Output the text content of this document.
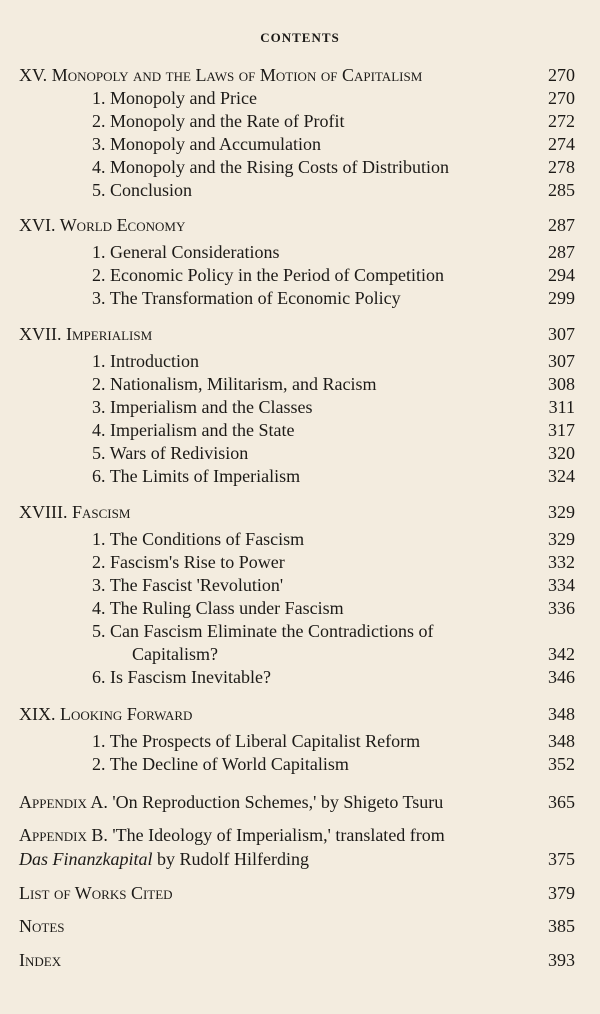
CONTENTS
XV. Monopoly and the Laws of Motion of Capitalism	270
1. Monopoly and Price	270
2. Monopoly and the Rate of Profit	272
3. Monopoly and Accumulation	274
4. Monopoly and the Rising Costs of Distribution	278
5. Conclusion	285
XVI. World Economy	287
1. General Considerations	287
2. Economic Policy in the Period of Competition	294
3. The Transformation of Economic Policy	299
XVII. Imperialism	307
1. Introduction	307
2. Nationalism, Militarism, and Racism	308
3. Imperialism and the Classes	311
4. Imperialism and the State	317
5. Wars of Redivision	320
6. The Limits of Imperialism	324
XVIII. Fascism	329
1. The Conditions of Fascism	329
2. Fascism's Rise to Power	332
3. The Fascist 'Revolution'	334
4. The Ruling Class under Fascism	336
5. Can Fascism Eliminate the Contradictions of
Capitalism?	342
6. Is Fascism Inevitable?	346
XIX. Looking Forward	348
1. The Prospects of Liberal Capitalist Reform	348
2. The Decline of World Capitalism	352
Appendix A. 'On Reproduction Schemes,' by Shigeto Tsuru	365
Appendix B. 'The Ideology of Imperialism,' translated from
Das Finanzkapital by Rudolf Hilferding	375
List of Works Cited	379
Notes	385
Index	393
